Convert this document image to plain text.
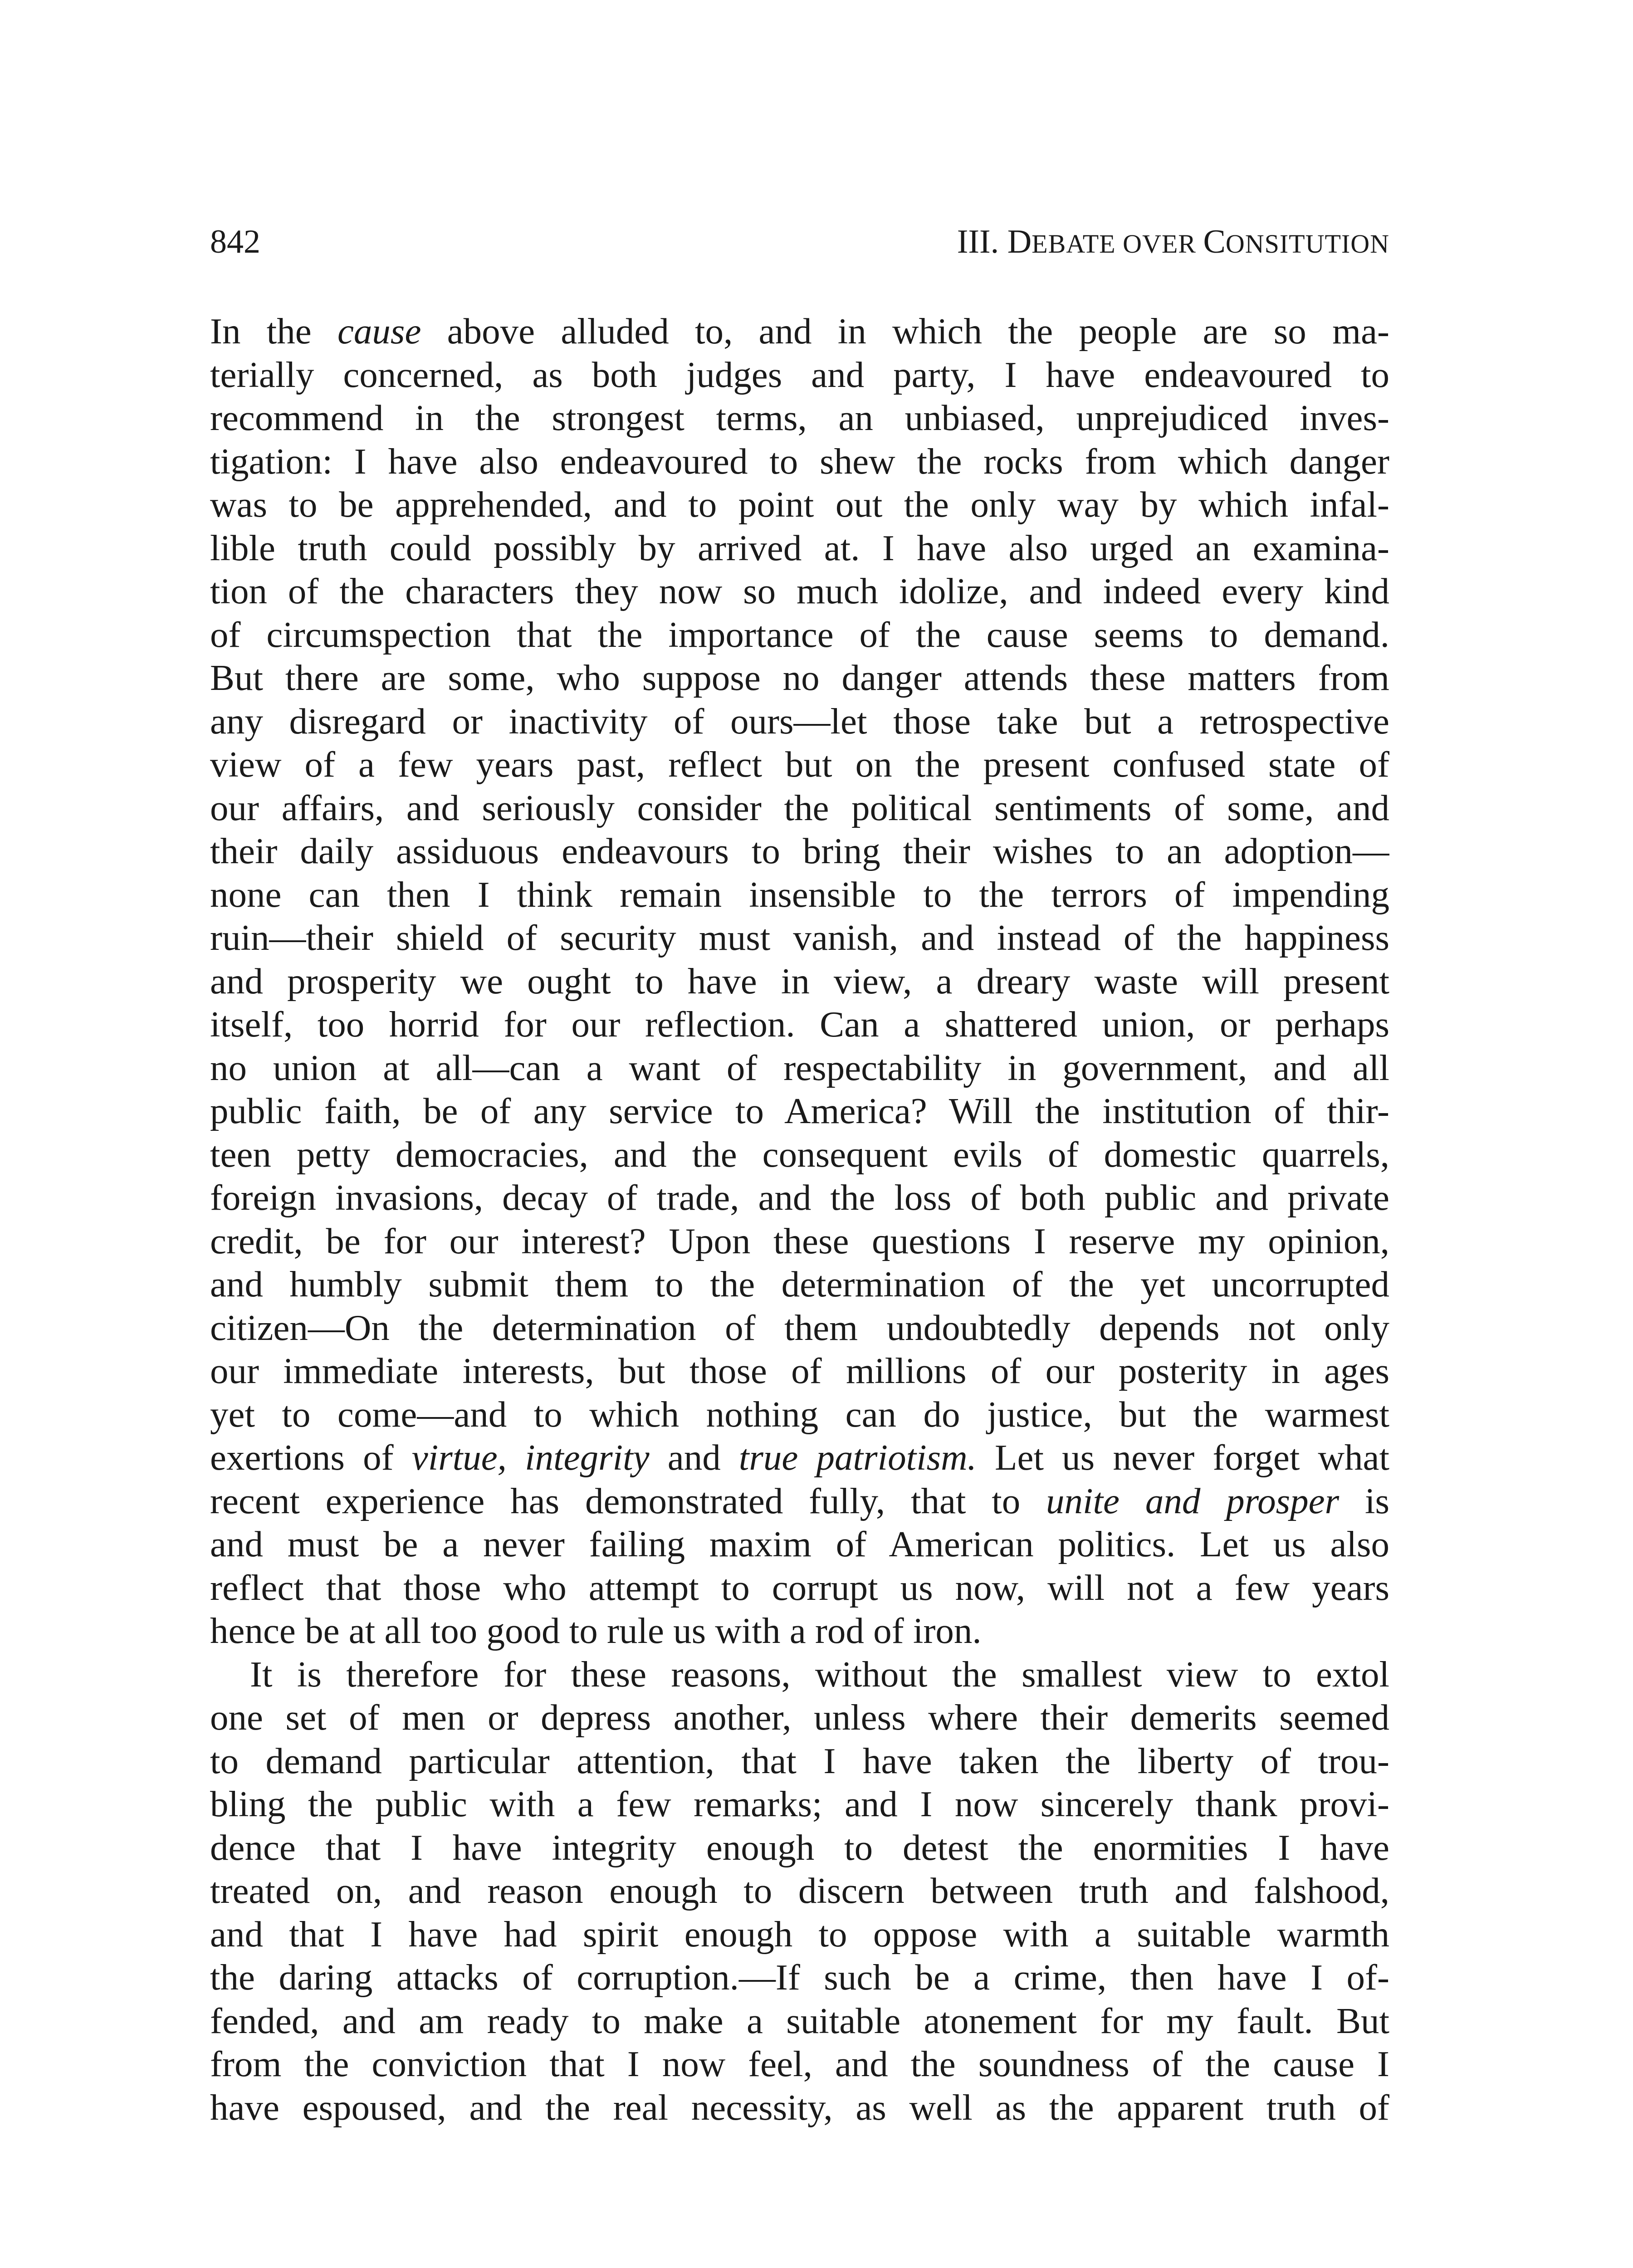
842	III. DEBATE OVER CONSITUTION
In the cause above alluded to, and in which the people are so ma-
terially concerned, as both judges and party, I have endeavoured to
recommend in the strongest terms, an unbiased, unprejudiced inves-
tigation: I have also endeavoured to shew the rocks from which danger
was to be apprehended, and to point out the only way by which infal-
lible truth could possibly by arrived at. I have also urged an examina-
tion of the characters they now so much idolize, and indeed every kind
of circumspection that the importance of the cause seems to demand.
But there are some, who suppose no danger attends these matters from
any disregard or inactivity of ours—let those take but a retrospective
view of a few years past, reflect but on the present confused state of
our affairs, and seriously consider the political sentiments of some, and
their daily assiduous endeavours to bring their wishes to an adoption—
none can then I think remain insensible to the terrors of impending
ruin—their shield of security must vanish, and instead of the happiness
and prosperity we ought to have in view, a dreary waste will present
itself, too horrid for our reflection. Can a shattered union, or perhaps
no union at all—can a want of respectability in government, and all
public faith, be of any service to America? Will the institution of thir-
teen petty democracies, and the consequent evils of domestic quarrels,
foreign invasions, decay of trade, and the loss of both public and private
credit, be for our interest? Upon these questions I reserve my opinion,
and humbly submit them to the determination of the yet uncorrupted
citizen—On the determination of them undoubtedly depends not only
our immediate interests, but those of millions of our posterity in ages
yet to come—and to which nothing can do justice, but the warmest
exertions of virtue, integrity and true patriotism. Let us never forget what
recent experience has demonstrated fully, that to unite and prosper is
and must be a never failing maxim of American politics. Let us also
reflect that those who attempt to corrupt us now, will not a few years
hence be at all too good to rule us with a rod of iron.
It is therefore for these reasons, without the smallest view to extol
one set of men or depress another, unless where their demerits seemed
to demand particular attention, that I have taken the liberty of trou-
bling the public with a few remarks; and I now sincerely thank provi-
dence that I have integrity enough to detest the enormities I have
treated on, and reason enough to discern between truth and falshood,
and that I have had spirit enough to oppose with a suitable warmth
the daring attacks of corruption.—If such be a crime, then have I of-
fended, and am ready to make a suitable atonement for my fault. But
from the conviction that I now feel, and the soundness of the cause I
have espoused, and the real necessity, as well as the apparent truth of
